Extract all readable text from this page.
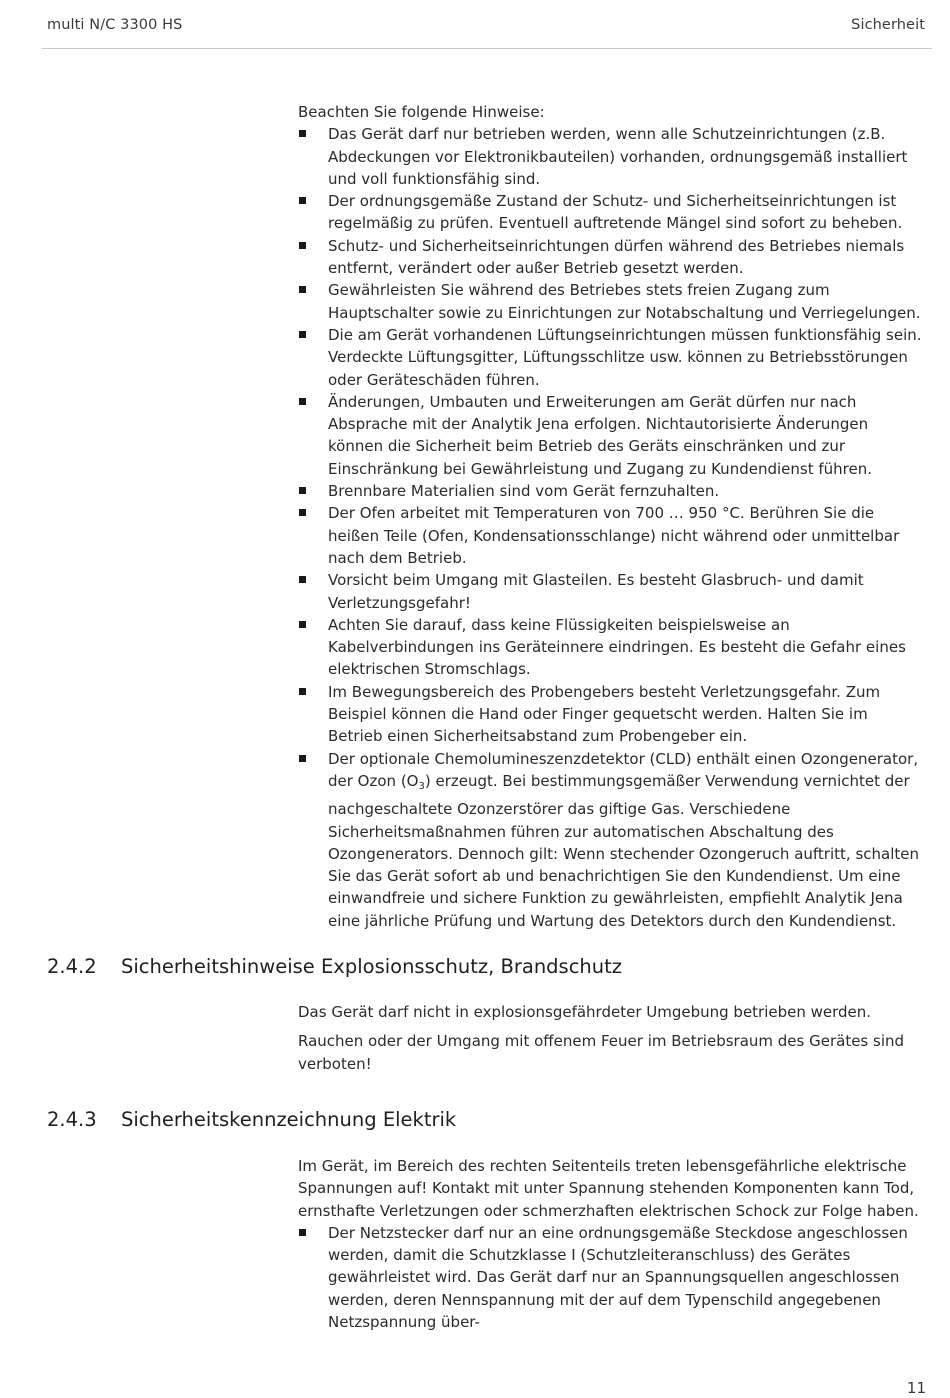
multi N/C 3300 HS	Sicherheit

Beachten Sie folgende Hinweise:

Das Gerät darf nur betrieben werden, wenn alle Schutzeinrichtungen (z.B. Abdeckungen vor Elektronikbauteilen) vorhanden, ordnungsgemäß installiert und voll funktionsfähig sind.
Der ordnungsgemäße Zustand der Schutz- und Sicherheitseinrichtungen ist regelmäßig zu prüfen. Eventuell auftretende Mängel sind sofort zu beheben.
Schutz- und Sicherheitseinrichtungen dürfen während des Betriebes niemals entfernt, verändert oder außer Betrieb gesetzt werden.
Gewährleisten Sie während des Betriebes stets freien Zugang zum Hauptschalter sowie zu Einrichtungen zur Notabschaltung und Verriegelungen.
Die am Gerät vorhandenen Lüftungseinrichtungen müssen funktionsfähig sein. Verdeckte Lüftungsgitter, Lüftungsschlitze usw. können zu Betriebsstörungen oder Geräteschäden führen.
Änderungen, Umbauten und Erweiterungen am Gerät dürfen nur nach Absprache mit der Analytik Jena erfolgen. Nichtautorisierte Änderungen können die Sicherheit beim Betrieb des Geräts einschränken und zur Einschränkung bei Gewährleistung und Zugang zu Kundendienst führen.
Brennbare Materialien sind vom Gerät fernzuhalten.
Der Ofen arbeitet mit Temperaturen von 700 … 950 °C. Berühren Sie die heißen Teile (Ofen, Kondensationsschlange) nicht während oder unmittelbar nach dem Betrieb.
Vorsicht beim Umgang mit Glasteilen. Es besteht Glasbruch- und damit Verletzungsgefahr!
Achten Sie darauf, dass keine Flüssigkeiten beispielsweise an Kabelverbindungen ins Geräteinnere eindringen. Es besteht die Gefahr eines elektrischen Stromschlags.
Im Bewegungsbereich des Probengebers besteht Verletzungsgefahr. Zum Beispiel können die Hand oder Finger gequetscht werden. Halten Sie im Betrieb einen Sicherheitsabstand zum Probengeber ein.
Der optionale Chemolumineszenzdetektor (CLD) enthält einen Ozongenerator, der Ozon $(O_3)$ erzeugt. Bei bestimmungsgemäßer Verwendung vernichtet der nachgeschaltete Ozonzerstörer das giftige Gas. Verschiedene Sicherheitsmaßnahmen führen zur automatischen Abschaltung des Ozongenerators. Dennoch gilt: Wenn stechender Ozongeruch auftritt, schalten Sie das Gerät sofort ab und benachrichtigen Sie den Kundendienst. Um eine einwandfreie und sichere Funktion zu gewährleisten, empfiehlt Analytik Jena eine jährliche Prüfung und Wartung des Detektors durch den Kundendienst.
2.4.2 Sicherheitshinweise Explosionsschutz, Brandschutz

Das Gerät darf nicht in explosionsgefährdeter Umgebung betrieben werden.

Rauchen oder der Umgang mit offenem Feuer im Betriebsraum des Gerätes sind verboten!

2.4.3 Sicherheitskennzeichnung Elektrik

Im Gerät, im Bereich des rechten Seitenteils treten lebensgefährliche elektrische Spannungen auf! Kontakt mit unter Spannung stehenden Komponenten kann Tod, ernsthafte Verletzungen oder schmerzhaften elektrischen Schock zur Folge haben.

Der Netzstecker darf nur an eine ordnungsgemäße Steckdose angeschlossen werden, damit die Schutzklasse I (Schutzleiteranschluss) des Gerätes gewährleistet wird. Das Gerät darf nur an Spannungsquellen angeschlossen werden, deren Nennspannung mit der auf dem Typenschild angegebenen Netzspannung über-
11
